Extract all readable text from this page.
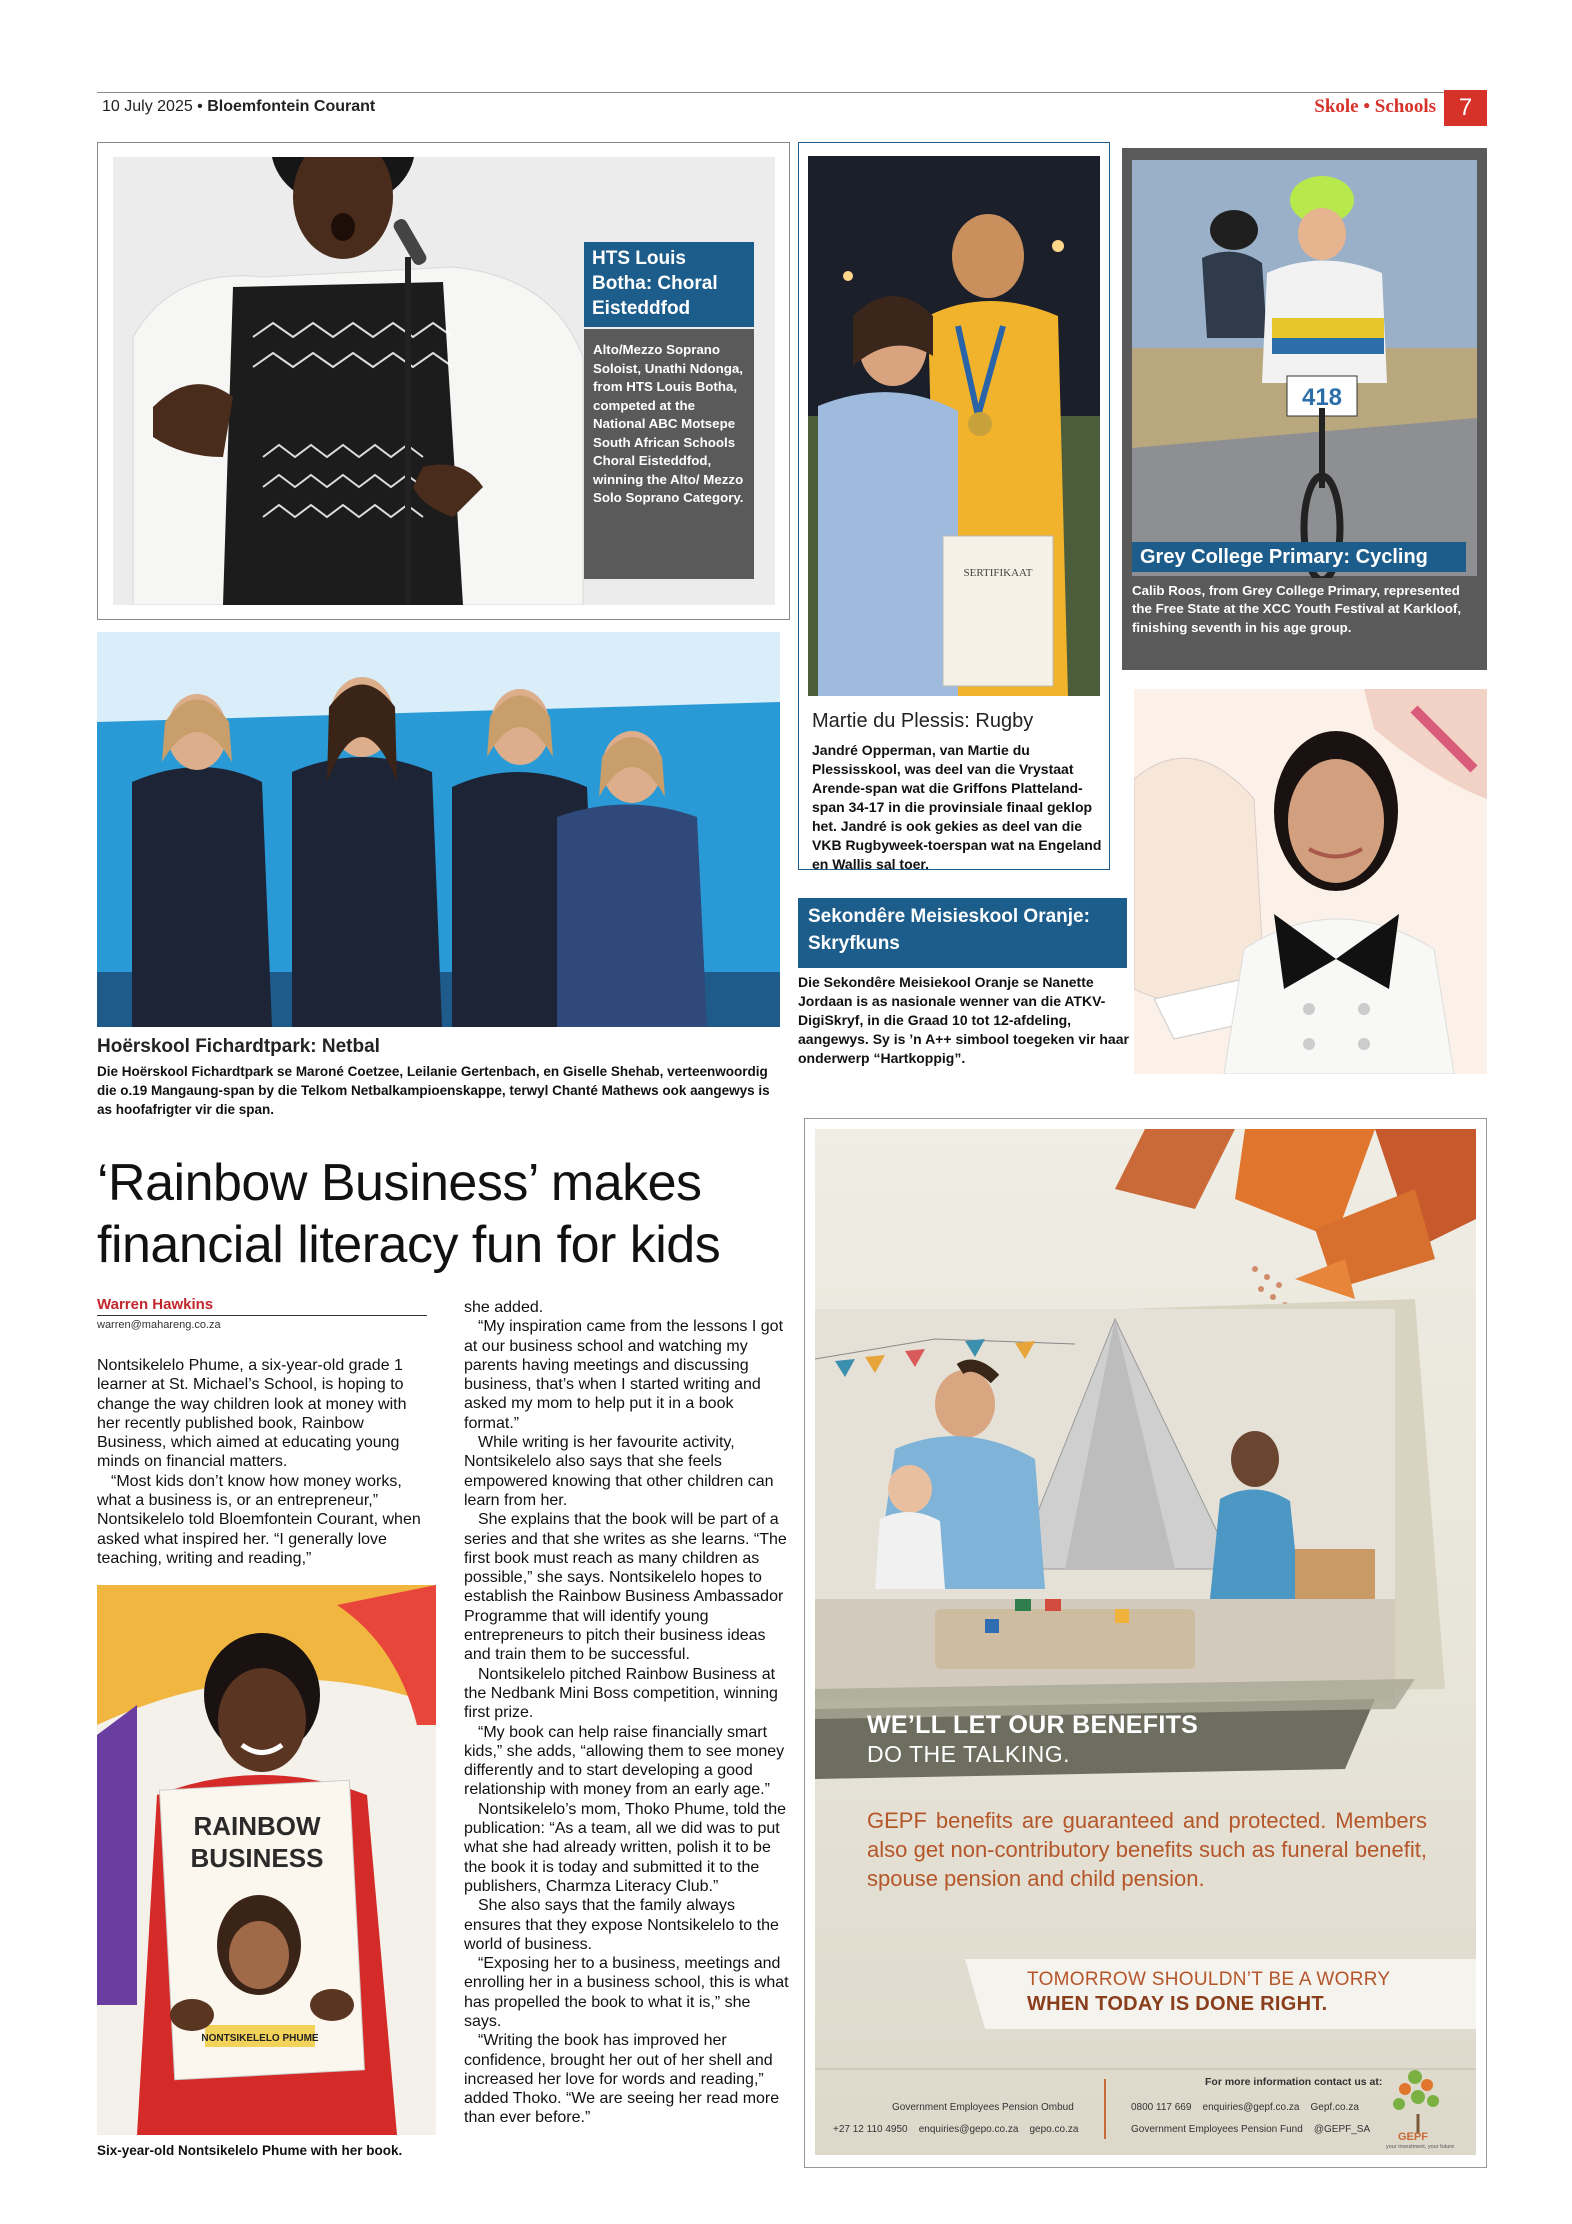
10 July 2025 • Bloemfontein Courant	Skole • Schools 7
HTS Louis Botha: Choral Eisteddfod
Alto/Mezzo Soprano Soloist, Unathi Ndonga, from HTS Louis Botha, competed at the National ABC Motsepe South African Schools Choral Eisteddfod, winning the Alto/ Mezzo Solo Soprano Category.
SERTIFIKAAT
Martie du Plessis: Rugby
Jandré Opperman, van Martie du Plessisskool, was deel van die Vrystaat Arende-span wat die Griffons Platteland-span 34-17 in die provinsiale finaal geklop het. Jandré is ook gekies as deel van die VKB Rugbyweek-toerspan wat na Engeland en Wallis sal toer.
418
Grey College Primary: Cycling
Calib Roos, from Grey College Primary, represented the Free State at the XCC Youth Festival at Karkloof, finishing seventh in his age group.
Sekondêre Meisieskool Oranje: Skryfkuns
Die Sekondêre Meisiekool Oranje se Nanette Jordaan is as nasionale wenner van die ATKV-DigiSkryf, in die Graad 10 tot 12-afdeling, aangewys. Sy is ’n A++ simbool toegeken vir haar onderwerp “Hartkoppig”.
Hoërskool Fichardtpark: Netbal
Die Hoërskool Fichardtpark se Maroné Coetzee, Leilanie Gertenbach, en Giselle Shehab, verteenwoordig die o.19 Mangaung-span by die Telkom Netbalkampioenskappe, terwyl Chanté Mathews ook aangewys is as hoofafrigter vir die span.
‘Rainbow Business’ makes financial literacy fun for kids
Warren Hawkins
warren@mahareng.co.za

Nontsikelelo Phume, a six-year-old grade 1 learner at St. Michael’s School, is hoping to change the way children look at money with her recently published book, Rainbow Business, which aimed at educating young minds on financial matters.

“Most kids don’t know how money works, what a business is, or an entrepreneur,” Nontsikelelo told Bloemfontein Courant, when asked what inspired her. “I generally love teaching, writing and reading,”

RAINBOW
BUSINESS
NONTSIKELELO PHUME
Six-year-old Nontsikelelo Phume with her book.

she added.

“My inspiration came from the lessons I got at our business school and watching my parents having meetings and discussing business, that’s when I started writing and asked my mom to help put it in a book format.”

While writing is her favourite activity, Nontsikelelo also says that she feels empowered knowing that other children can learn from her.

She explains that the book will be part of a series and that she writes as she learns. “The first book must reach as many children as possible,” she says. Nontsikelelo hopes to establish the Rainbow Business Ambassador Programme that will identify young entrepreneurs to pitch their business ideas and train them to be successful.

Nontsikelelo pitched Rainbow Business at the Nedbank Mini Boss competition, winning first prize.

“My book can help raise financially smart kids,” she adds, “allowing them to see money differently and to start developing a good relationship with money from an early age.”

Nontsikelelo’s mom, Thoko Phume, told the publication: “As a team, all we did was to put what she had already written, polish it to be the book it is today and submitted it to the publishers, Charmza Literacy Club.”

She also says that the family always ensures that they expose Nontsikelelo to the world of business.

“Exposing her to a business, meetings and enrolling her in a business school, this is what has propelled the book to what it is,” she says.

“Writing the book has improved her confidence, brought her out of her shell and increased her love for words and reading,” added Thoko. “We are seeing her read more than ever before.”

WE’LL LET OUR BENEFITS
DO THE TALKING.
GEPF benefits are guaranteed and protected. Members also get non-contributory benefits such as funeral benefit, spouse pension and child pension.
TOMORROW SHOULDN’T BE A WORRY
WHEN TODAY IS DONE RIGHT.
For more information contact us at:
Government Employees Pension Ombud
+27 12 110 4950    enquiries@gepo.co.za    gepo.co.za
0800 117 669    enquiries@gepf.co.za    Gepf.co.za
Government Employees Pension Fund    @GEPF_SA
GEPF
your investment, your future
